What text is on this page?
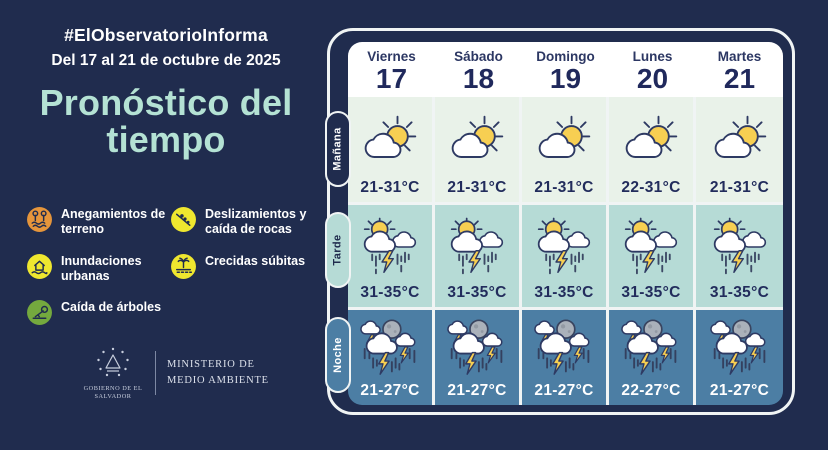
#ElObservatorioInforma
Del 17 al 21 de octubre de 2025
Pronóstico del tiempo
Anegamientos de terreno
Deslizamientos y caída de rocas
Inundaciones urbanas
Crecidas súbitas
Caída de árboles
GOBIERNO DE EL SALVADOR
MINISTERIO DE MEDIO AMBIENTE
Viernes
17
Sábado
18
Domingo
19
Lunes
20
Martes
21
21-31°C 21-31°C 21-31°C 22-31°C 21-31°C
31-35°C 31-35°C 31-35°C 31-35°C 31-35°C
21-27°C 21-27°C 21-27°C 22-27°C 21-27°C
Mañana
Tarde
Noche
